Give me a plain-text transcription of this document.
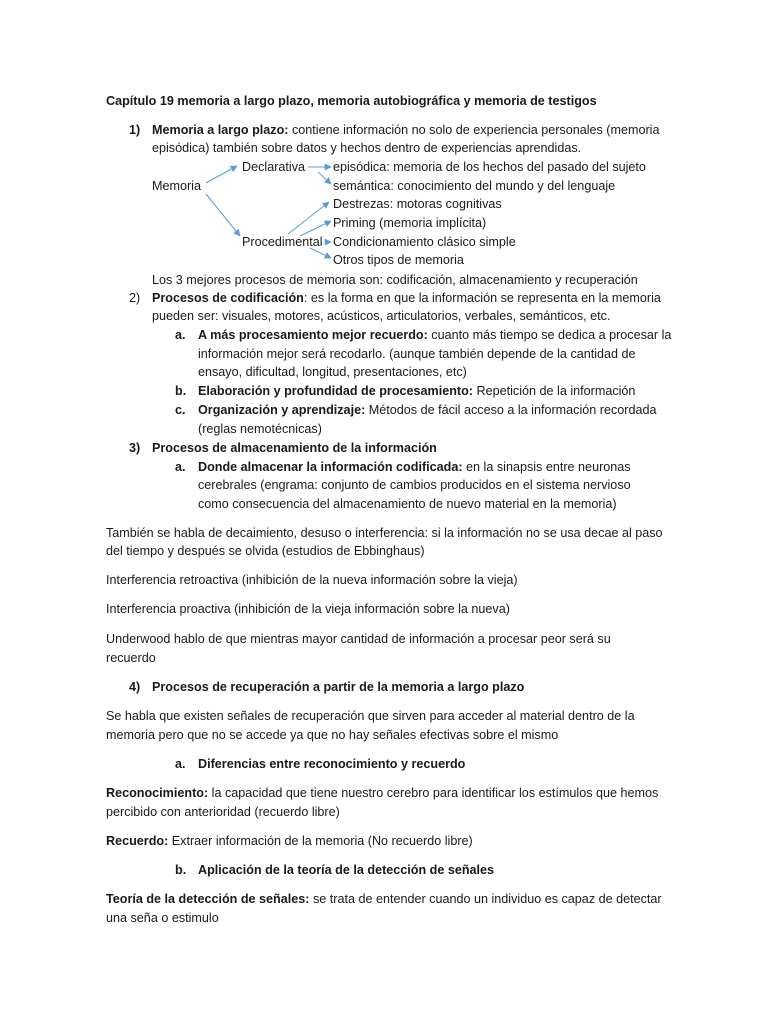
Capítulo 19 memoria a largo plazo, memoria autobiográfica y memoria de testigos
1) Memoria a largo plazo: contiene información no solo de experiencia personales (memoria
episódica) también sobre datos y hechos dentro de experiencias aprendidas.
Declarativa
Memoria
Procedimental
episódica: memoria de los hechos del pasado del sujeto
semántica: conocimiento del mundo y del lenguaje
Destrezas: motoras cognitivas
Priming (memoria implícita)
Condicionamiento clásico simple
Otros tipos de memoria
Los 3 mejores procesos de memoria son: codificación, almacenamiento y recuperación
2) Procesos de codificación: es la forma en que la información se representa en la memoria
pueden ser: visuales, motores, acústicos, articulatorios, verbales, semánticos, etc.
a. A más procesamiento mejor recuerdo: cuanto más tiempo se dedica a procesar la
información mejor será recodarlo. (aunque también depende de la cantidad de
ensayo, dificultad, longitud, presentaciones, etc)
b. Elaboración y profundidad de procesamiento: Repetición de la información
c. Organización y aprendizaje: Métodos de fácil acceso a la información recordada
(reglas nemotécnicas)
3) Procesos de almacenamiento de la información
a. Donde almacenar la información codificada: en la sinapsis entre neuronas
cerebrales (engrama: conjunto de cambios producidos en el sistema nervioso
como consecuencia del almacenamiento de nuevo material en la memoria)
También se habla de decaimiento, desuso o interferencia: si la información no se usa decae al paso
del tiempo y después se olvida (estudios de Ebbinghaus)
Interferencia retroactiva (inhibición de la nueva información sobre la vieja)
Interferencia proactiva (inhibición de la vieja información sobre la nueva)
Underwood hablo de que mientras mayor cantidad de información a procesar peor será su
recuerdo
4) Procesos de recuperación a partir de la memoria a largo plazo
Se habla que existen señales de recuperación que sirven para acceder al material dentro de la
memoria pero que no se accede ya que no hay señales efectivas sobre el mismo
a. Diferencias entre reconocimiento y recuerdo
Reconocimiento: la capacidad que tiene nuestro cerebro para identificar los estímulos que hemos
percibido con anterioridad (recuerdo libre)
Recuerdo: Extraer información de la memoria (No recuerdo libre)
b. Aplicación de la teoría de la detección de señales
Teoría de la detección de señales: se trata de entender cuando un individuo es capaz de detectar
una seña o estimulo
